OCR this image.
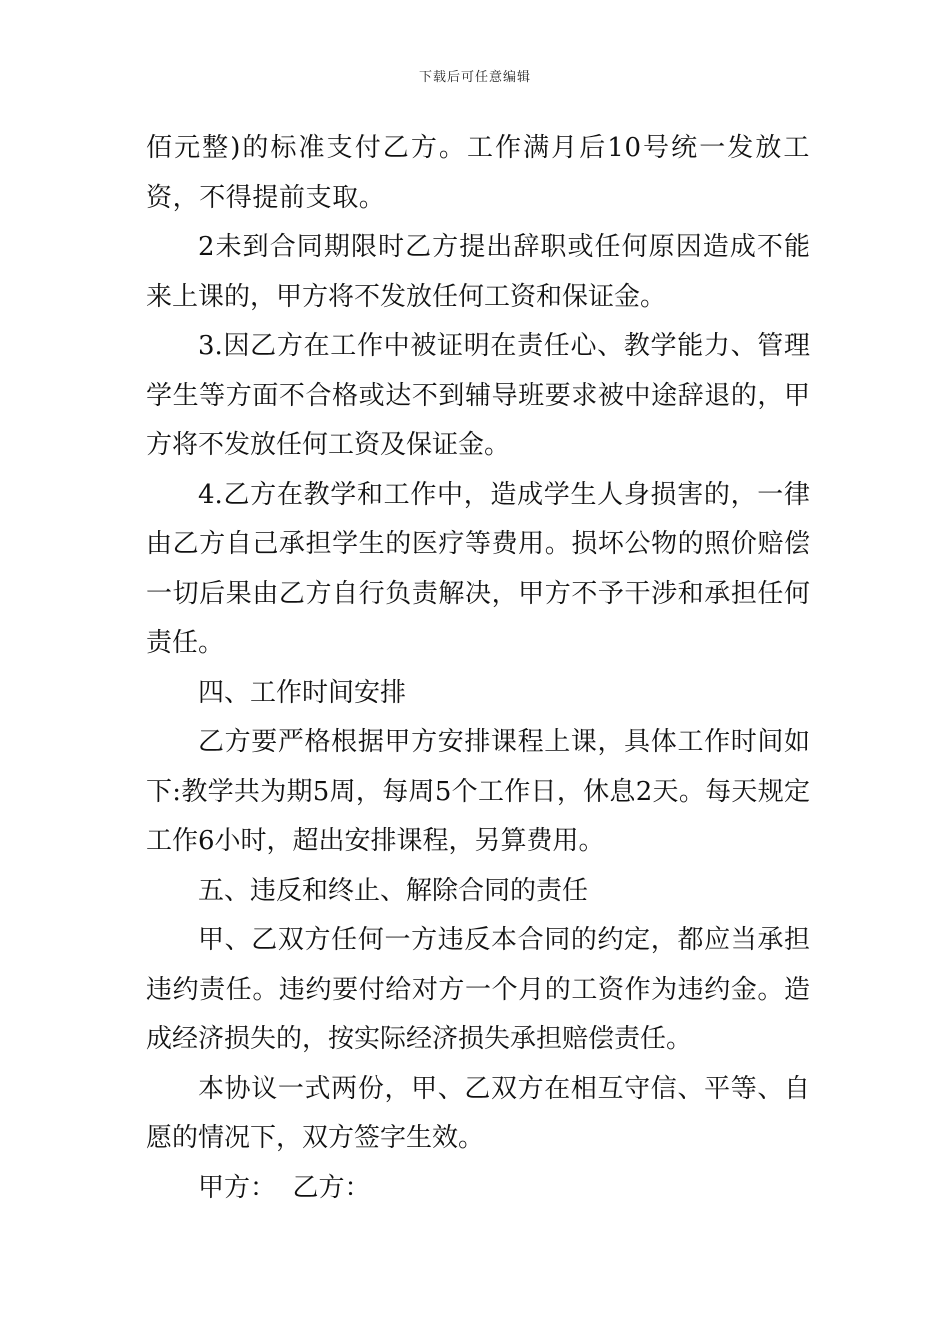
下载后可任意编辑

佰元整)的标准支付乙方。工作满月后10号统一发放工资，不得提前支取。

2未到合同期限时乙方提出辞职或任何原因造成不能来上课的，甲方将不发放任何工资和保证金。

3.因乙方在工作中被证明在责任心、教学能力、管理学生等方面不合格或达不到辅导班要求被中途辞退的，甲方将不发放任何工资及保证金。

4.乙方在教学和工作中，造成学生人身损害的，一律由乙方自己承担学生的医疗等费用。损坏公物的照价赔偿一切后果由乙方自行负责解决，甲方不予干涉和承担任何责任。

四、工作时间安排

乙方要严格根据甲方安排课程上课，具体工作时间如下:教学共为期5周，每周5个工作日，休息2天。每天规定工作6小时，超出安排课程，另算费用。

五、违反和终止、解除合同的责任

甲、乙双方任何一方违反本合同的约定，都应当承担违约责任。违约要付给对方一个月的工资作为违约金。造成经济损失的，按实际经济损失承担赔偿责任。

本协议一式两份，甲、乙双方在相互守信、平等、自愿的情况下，双方签字生效。

甲方：  乙方：
